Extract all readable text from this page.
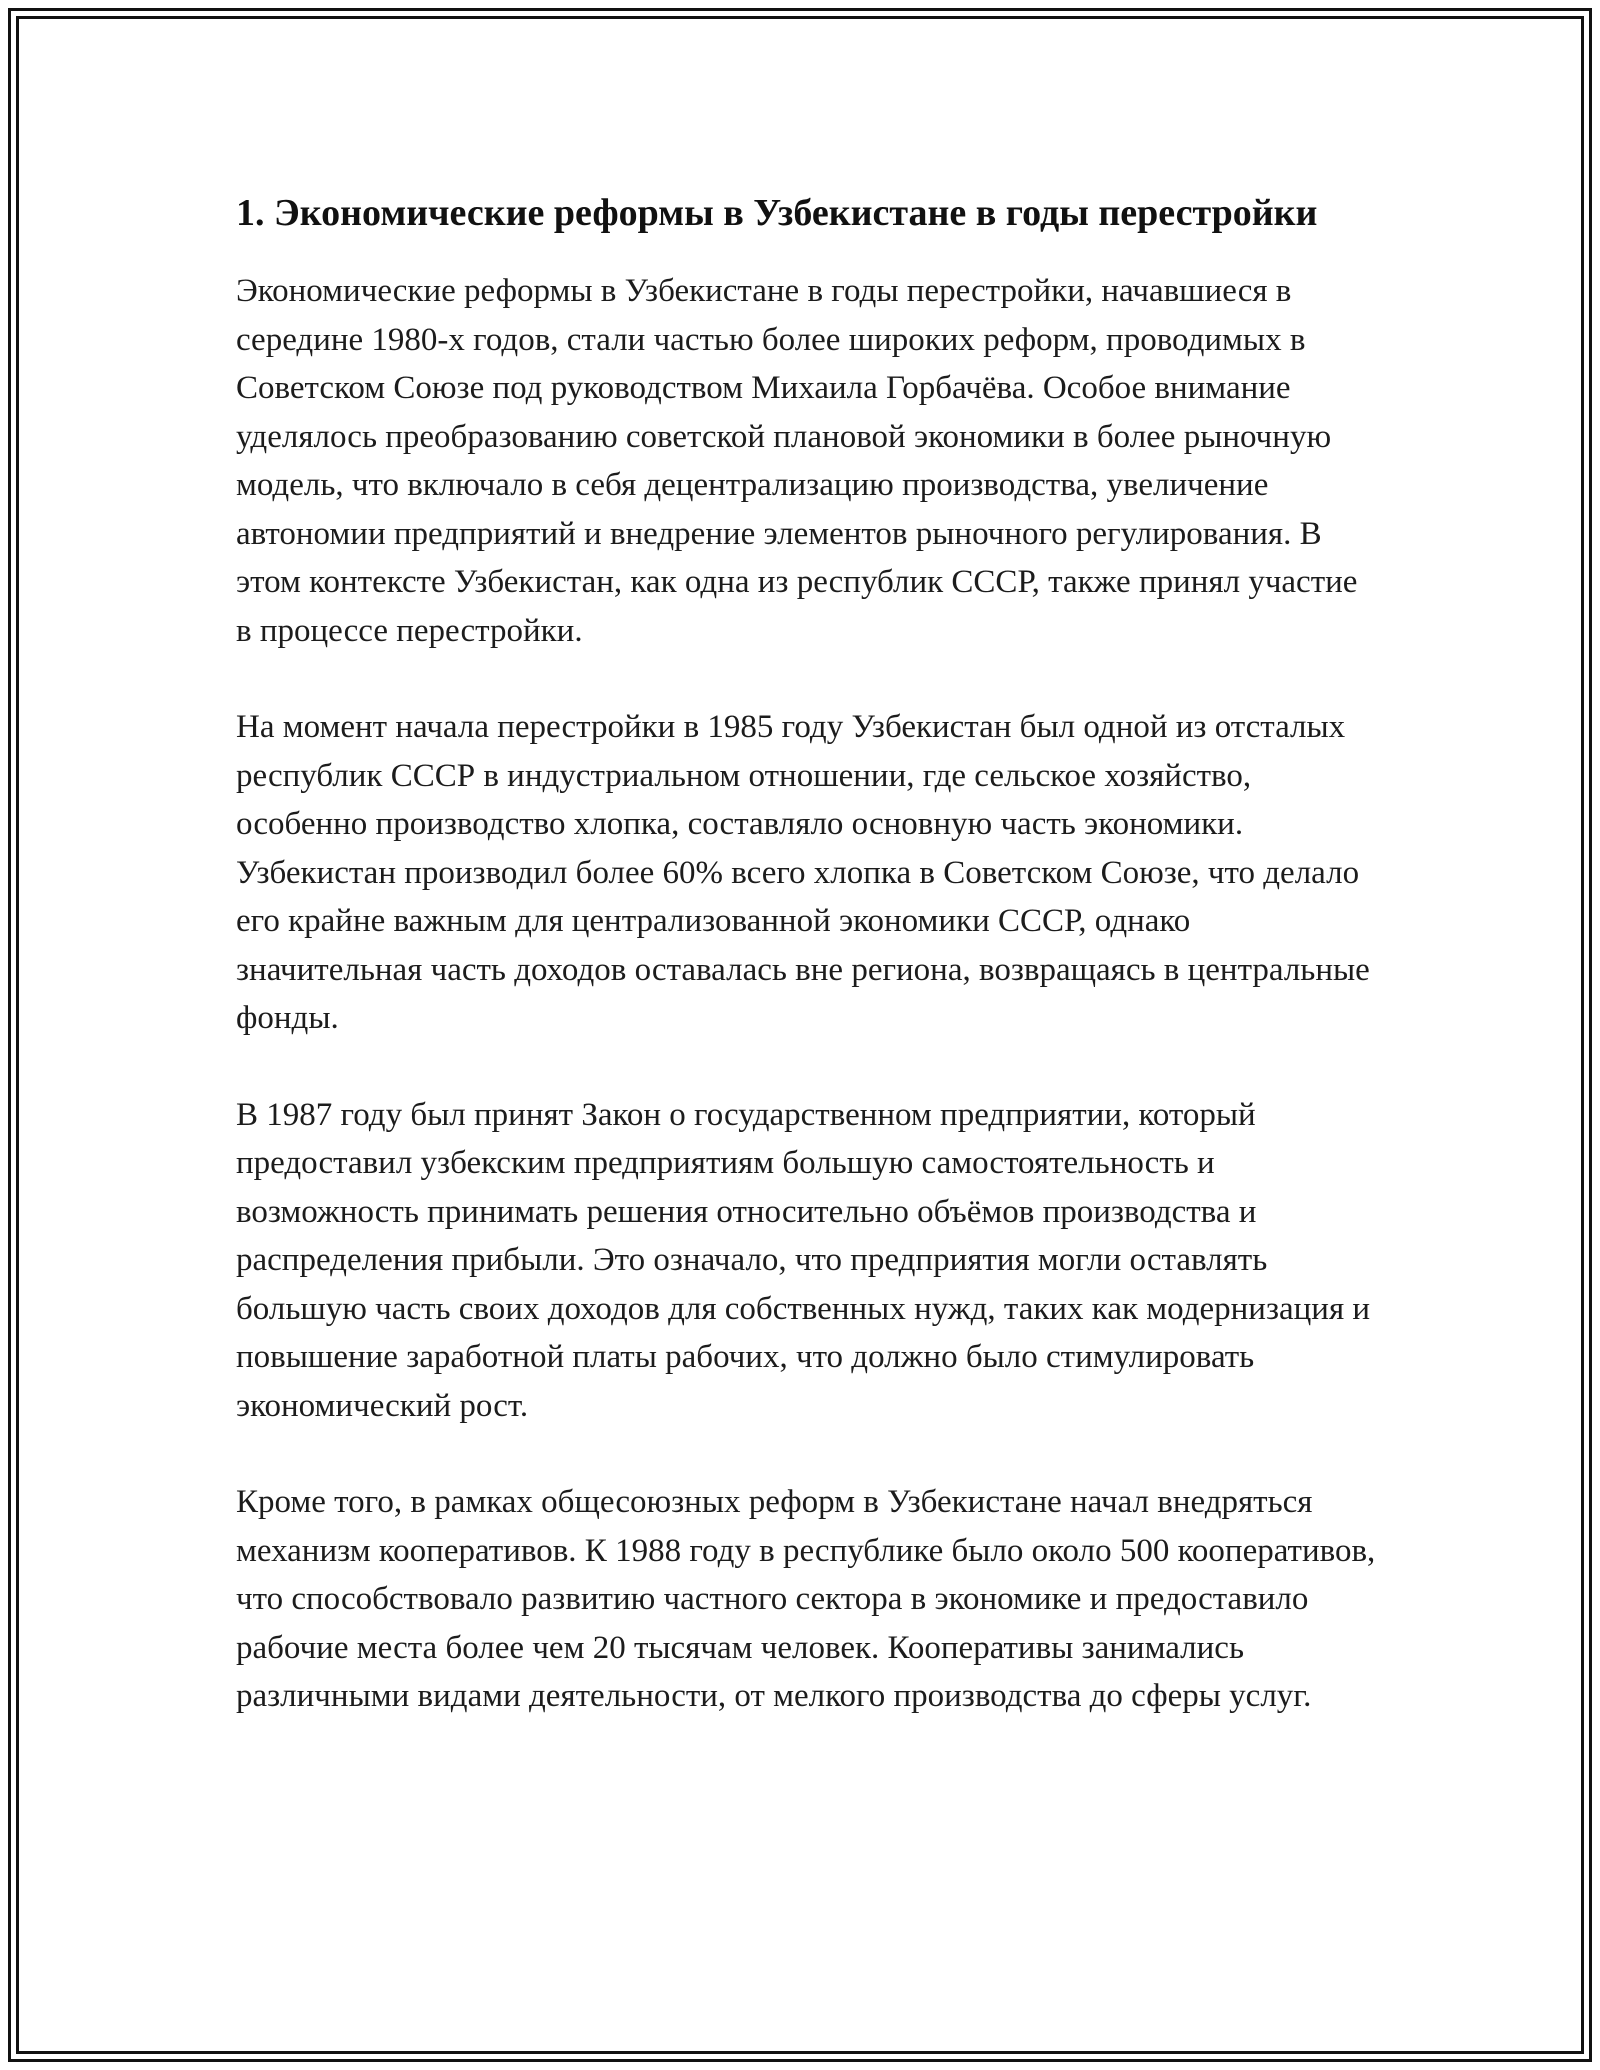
1. Экономические реформы в Узбекистане в годы перестройки

Экономические реформы в Узбекистане в годы перестройки, начавшиеся в середине 1980-х годов, стали частью более широких реформ, проводимых в Советском Союзе под руководством Михаила Горбачёва. Особое внимание уделялось преобразованию советской плановой экономики в более рыночную модель, что включало в себя децентрализацию производства, увеличение автономии предприятий и внедрение элементов рыночного регулирования. В этом контексте Узбекистан, как одна из республик СССР, также принял участие в процессе перестройки.

На момент начала перестройки в 1985 году Узбекистан был одной из отсталых республик СССР в индустриальном отношении, где сельское хозяйство, особенно производство хлопка, составляло основную часть экономики. Узбекистан производил более 60% всего хлопка в Советском Союзе, что делало его крайне важным для централизованной экономики СССР, однако значительная часть доходов оставалась вне региона, возвращаясь в центральные фонды.

В 1987 году был принят Закон о государственном предприятии, который предоставил узбекским предприятиям большую самостоятельность и возможность принимать решения относительно объёмов производства и распределения прибыли. Это означало, что предприятия могли оставлять большую часть своих доходов для собственных нужд, таких как модернизация и повышение заработной платы рабочих, что должно было стимулировать экономический рост.

Кроме того, в рамках общесоюзных реформ в Узбекистане начал внедряться механизм кооперативов. К 1988 году в республике было около 500 кооперативов, что способствовало развитию частного сектора в экономике и предоставило рабочие места более чем 20 тысячам человек. Кооперативы занимались различными видами деятельности, от мелкого производства до сферы услуг.
